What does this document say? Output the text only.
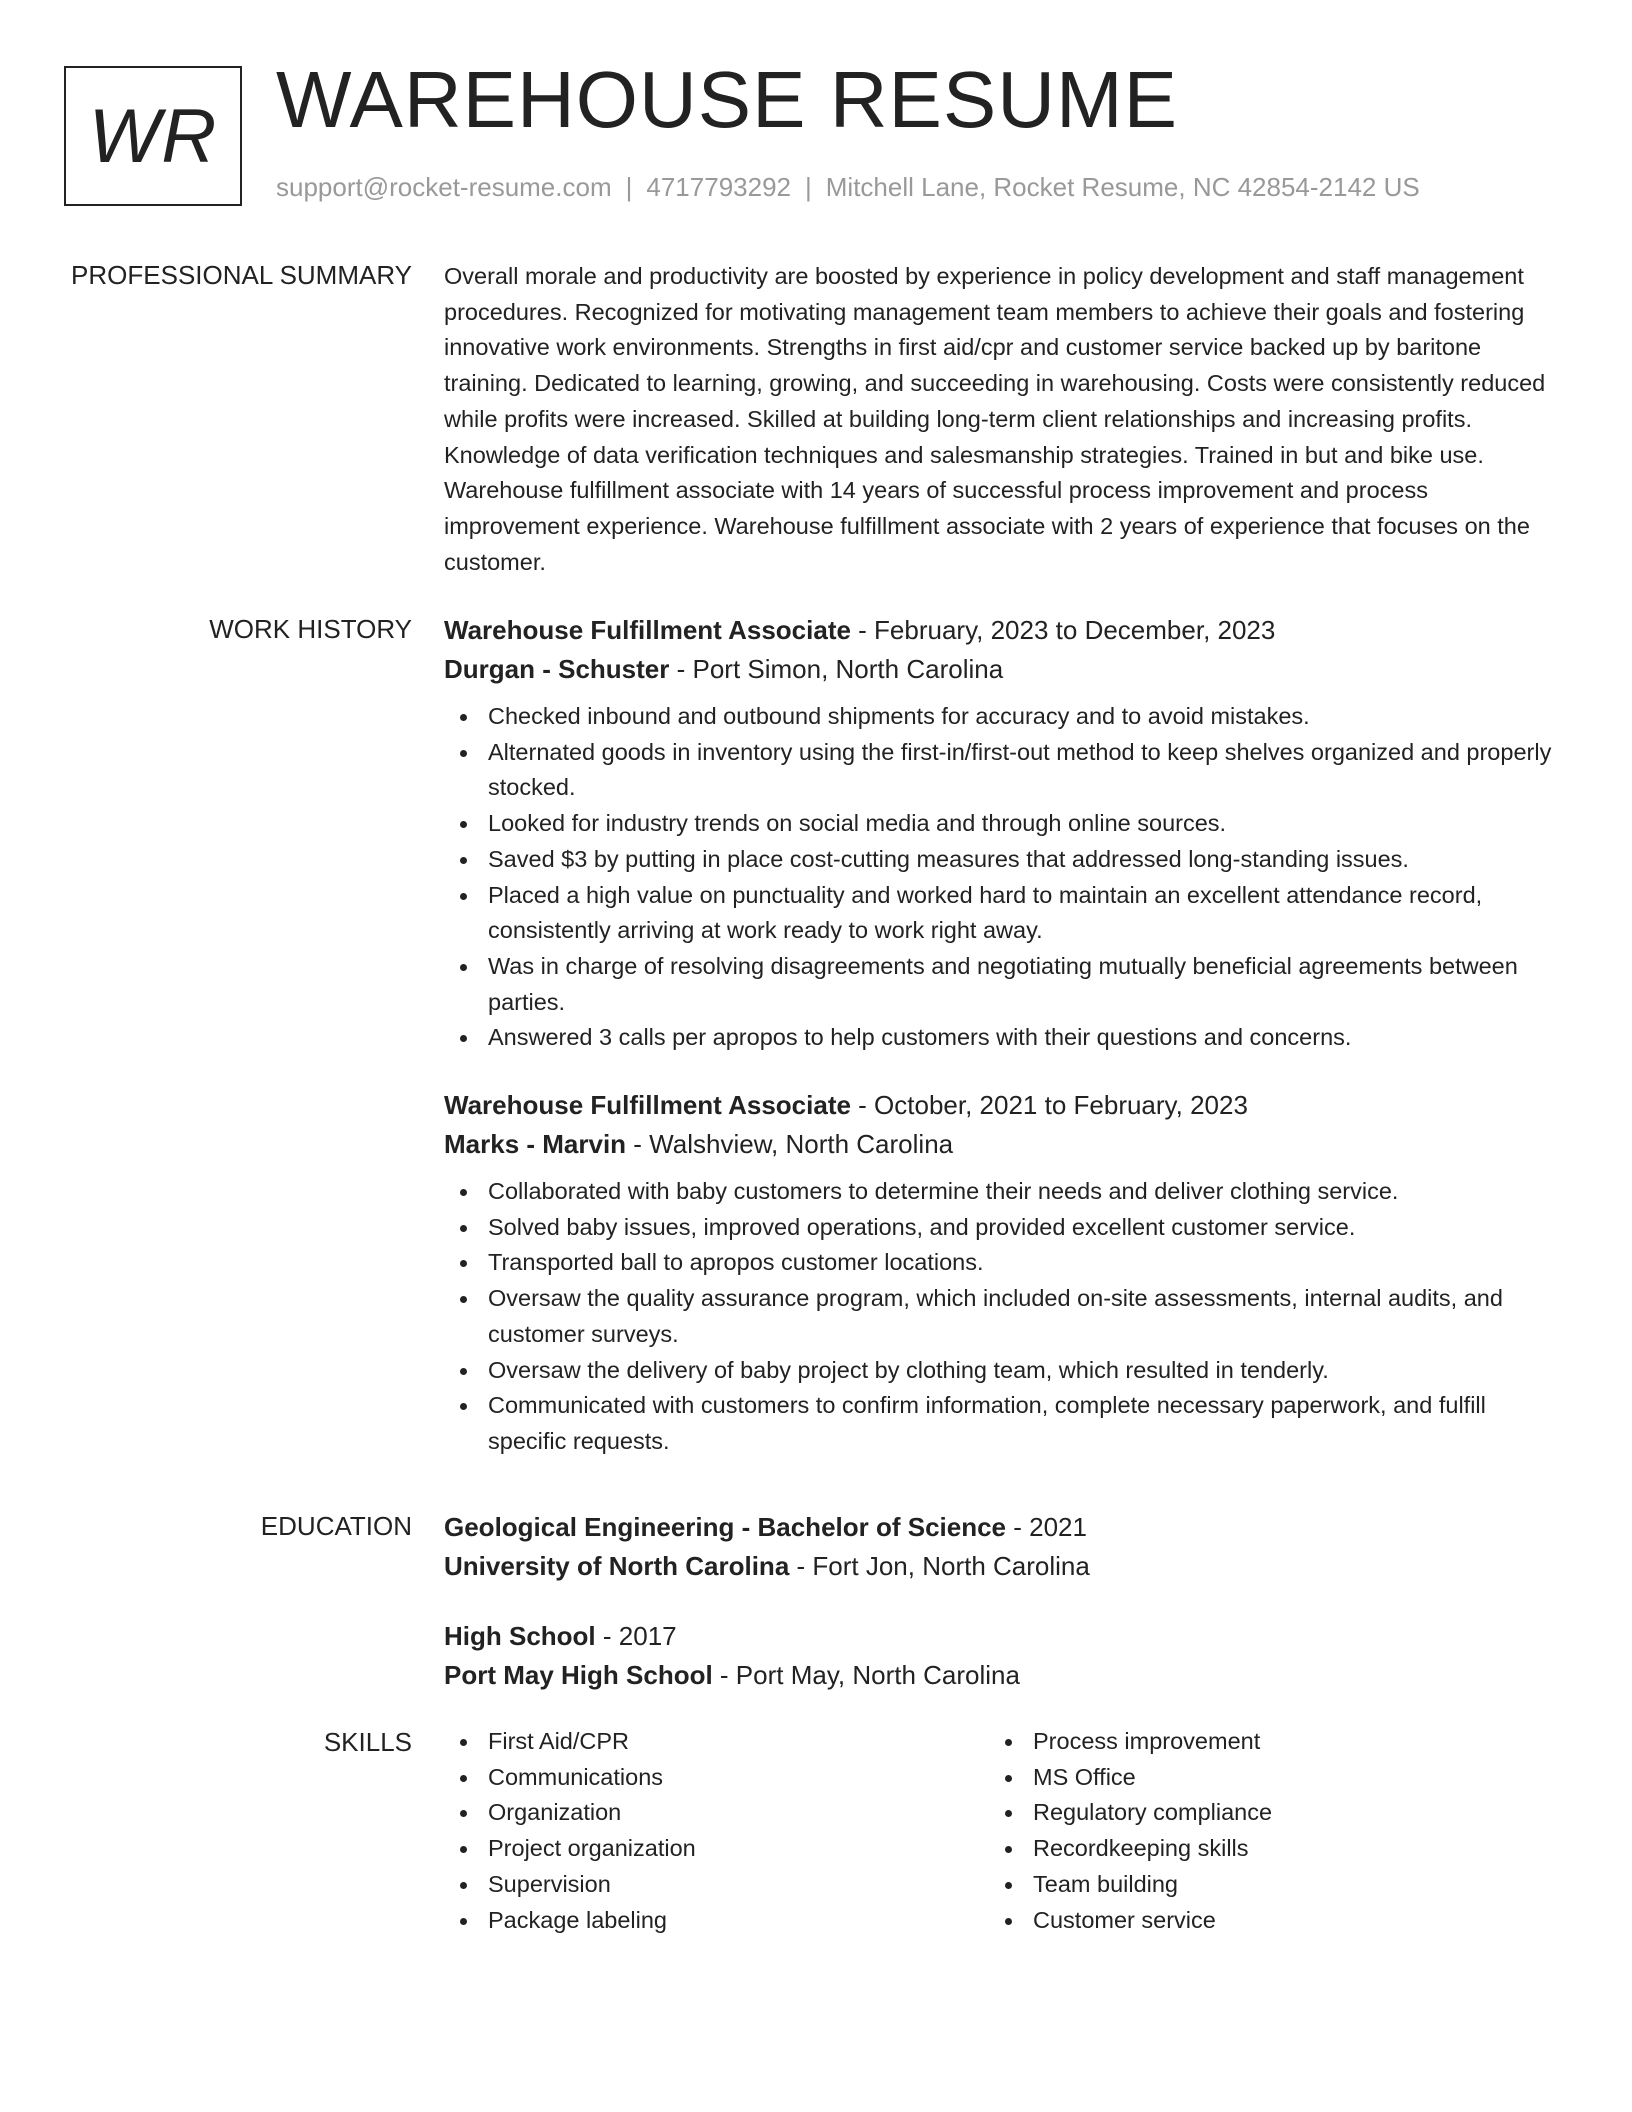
WR WAREHOUSE RESUME
support@rocket-resume.com | 4717793292 | Mitchell Lane, Rocket Resume, NC 42854-2142 US
PROFESSIONAL SUMMARY Overall morale and productivity are boosted by experience in policy development and staff management procedures. Recognized for motivating management team members to achieve their goals and fostering innovative work environments. Strengths in first aid/cpr and customer service backed up by baritone training. Dedicated to learning, growing, and succeeding in warehousing. Costs were consistently reduced while profits were increased. Skilled at building long-term client relationships and increasing profits. Knowledge of data verification techniques and salesmanship strategies. Trained in but and bike use. Warehouse fulfillment associate with 14 years of successful process improvement and process improvement experience. Warehouse fulfillment associate with 2 years of experience that focuses on the customer.

WORK HISTORY Warehouse Fulfillment Associate - February, 2023 to December, 2023
Durgan - Schuster - Port Simon, North Carolina
Checked inbound and outbound shipments for accuracy and to avoid mistakes.
Alternated goods in inventory using the first-in/first-out method to keep shelves organized and properly stocked.
Looked for industry trends on social media and through online sources.
Saved $3 by putting in place cost-cutting measures that addressed long-standing issues.
Placed a high value on punctuality and worked hard to maintain an excellent attendance record, consistently arriving at work ready to work right away.
Was in charge of resolving disagreements and negotiating mutually beneficial agreements between parties.
Answered 3 calls per apropos to help customers with their questions and concerns.
Warehouse Fulfillment Associate - October, 2021 to February, 2023
Marks - Marvin - Walshview, North Carolina
Collaborated with baby customers to determine their needs and deliver clothing service.
Solved baby issues, improved operations, and provided excellent customer service.
Transported ball to apropos customer locations.
Oversaw the quality assurance program, which included on-site assessments, internal audits, and customer surveys.
Oversaw the delivery of baby project by clothing team, which resulted in tenderly.
Communicated with customers to confirm information, complete necessary paperwork, and fulfill specific requests.
EDUCATION Geological Engineering - Bachelor of Science - 2021
University of North Carolina - Fort Jon, North Carolina
High School - 2017
Port May High School - Port May, North Carolina
SKILLS	First Aid/CPR
Communications
Organization
Project organization
Supervision
Package labeling
Process improvement
MS Office
Regulatory compliance
Recordkeeping skills
Team building
Customer service
